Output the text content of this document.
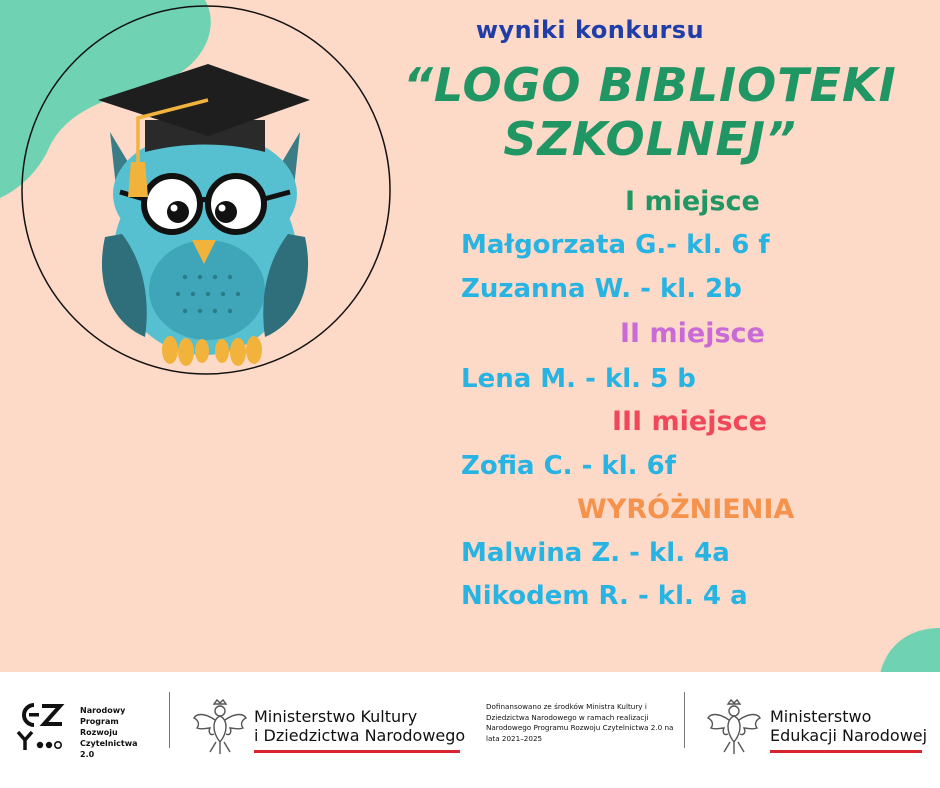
wyniki konkursu
“LOGO BIBLIOTEKI
SZKOLNEJ”
I miejsce
Małgorzata G.- kl. 6 f
Zuzanna W. - kl. 2b
II miejsce
Lena M. - kl. 5 b
III miejsce
Zofia C. - kl. 6f
WYRÓŻNIENIA
Malwina Z. - kl. 4a
Nikodem R. - kl. 4 a
Narodowy
Program
Rozwoju
Czytelnictwa
2.0
Ministerstwo Kultury
i Dziedzictwa Narodowego
Dofinansowano ze środków Ministra Kultury i Dziedzictwa Narodowego w ramach realizacji Narodowego Programu Rozwoju Czytelnictwa 2.0 na lata 2021–2025
Ministerstwo
Edukacji Narodowej
